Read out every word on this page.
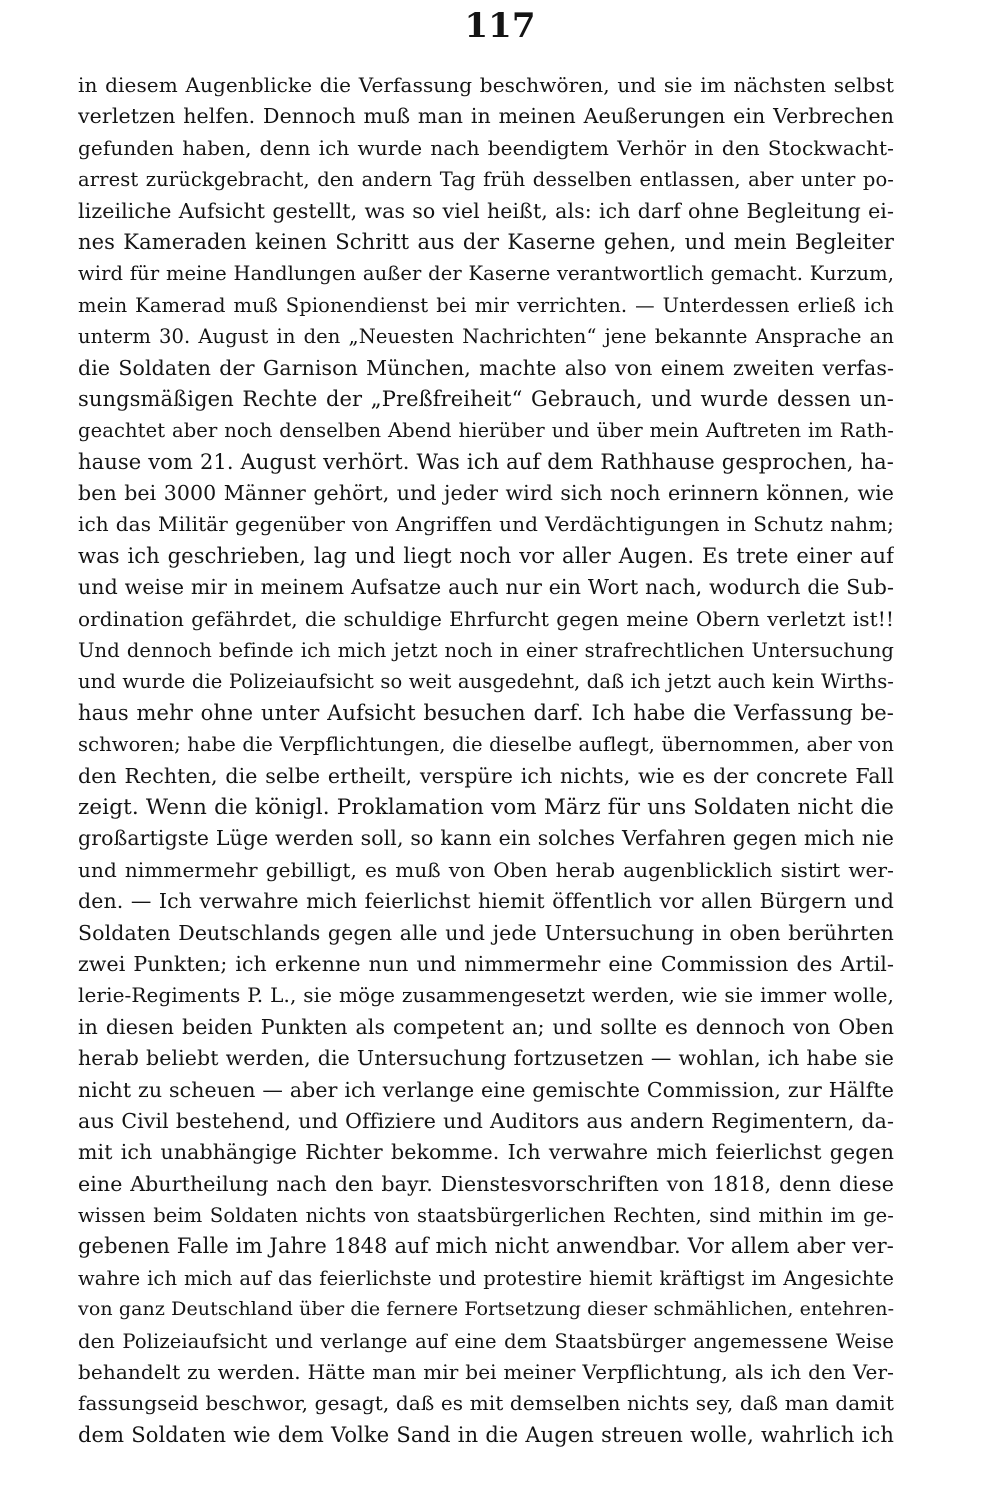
117
in diesem Augenblicke die Verfassung beschwören, und sie im nächsten selbst
verletzen helfen. Dennoch muß man in meinen Aeußerungen ein Verbrechen
gefunden haben, denn ich wurde nach beendigtem Verhör in den Stockwacht-
arrest zurückgebracht, den andern Tag früh desselben entlassen, aber unter po-
lizeiliche Aufsicht gestellt, was so viel heißt, als: ich darf ohne Begleitung ei-
nes Kameraden keinen Schritt aus der Kaserne gehen, und mein Begleiter
wird für meine Handlungen außer der Kaserne verantwortlich gemacht. Kurzum,
mein Kamerad muß Spionendienst bei mir verrichten. — Unterdessen erließ ich
unterm 30. August in den „Neuesten Nachrichten“ jene bekannte Ansprache an
die Soldaten der Garnison München, machte also von einem zweiten verfas-
sungsmäßigen Rechte der „Preßfreiheit“ Gebrauch, und wurde dessen un-
geachtet aber noch denselben Abend hierüber und über mein Auftreten im Rath-
hause vom 21. August verhört. Was ich auf dem Rathhause gesprochen, ha-
ben bei 3000 Männer gehört, und jeder wird sich noch erinnern können, wie
ich das Militär gegenüber von Angriffen und Verdächtigungen in Schutz nahm;
was ich geschrieben, lag und liegt noch vor aller Augen. Es trete einer auf
und weise mir in meinem Aufsatze auch nur ein Wort nach, wodurch die Sub-
ordination gefährdet, die schuldige Ehrfurcht gegen meine Obern verletzt ist!!
Und dennoch befinde ich mich jetzt noch in einer strafrechtlichen Untersuchung
und wurde die Polizeiaufsicht so weit ausgedehnt, daß ich jetzt auch kein Wirths-
haus mehr ohne unter Aufsicht besuchen darf. Ich habe die Verfassung be-
schworen; habe die Verpflichtungen, die dieselbe auflegt, übernommen, aber von
den Rechten, die selbe ertheilt, verspüre ich nichts, wie es der concrete Fall
zeigt. Wenn die königl. Proklamation vom März für uns Soldaten nicht die
großartigste Lüge werden soll, so kann ein solches Verfahren gegen mich nie
und nimmermehr gebilligt, es muß von Oben herab augenblicklich sistirt wer-
den. — Ich verwahre mich feierlichst hiemit öffentlich vor allen Bürgern und
Soldaten Deutschlands gegen alle und jede Untersuchung in oben berührten
zwei Punkten; ich erkenne nun und nimmermehr eine Commission des Artil-
lerie-Regiments P. L., sie möge zusammengesetzt werden, wie sie immer wolle,
in diesen beiden Punkten als competent an; und sollte es dennoch von Oben
herab beliebt werden, die Untersuchung fortzusetzen — wohlan, ich habe sie
nicht zu scheuen — aber ich verlange eine gemischte Commission, zur Hälfte
aus Civil bestehend, und Offiziere und Auditors aus andern Regimentern, da-
mit ich unabhängige Richter bekomme. Ich verwahre mich feierlichst gegen
eine Aburtheilung nach den bayr. Dienstesvorschriften von 1818, denn diese
wissen beim Soldaten nichts von staatsbürgerlichen Rechten, sind mithin im ge-
gebenen Falle im Jahre 1848 auf mich nicht anwendbar. Vor allem aber ver-
wahre ich mich auf das feierlichste und protestire hiemit kräftigst im Angesichte
von ganz Deutschland über die fernere Fortsetzung dieser schmählichen, entehren-
den Polizeiaufsicht und verlange auf eine dem Staatsbürger angemessene Weise
behandelt zu werden. Hätte man mir bei meiner Verpflichtung, als ich den Ver-
fassungseid beschwor, gesagt, daß es mit demselben nichts sey, daß man damit
dem Soldaten wie dem Volke Sand in die Augen streuen wolle, wahrlich ich
